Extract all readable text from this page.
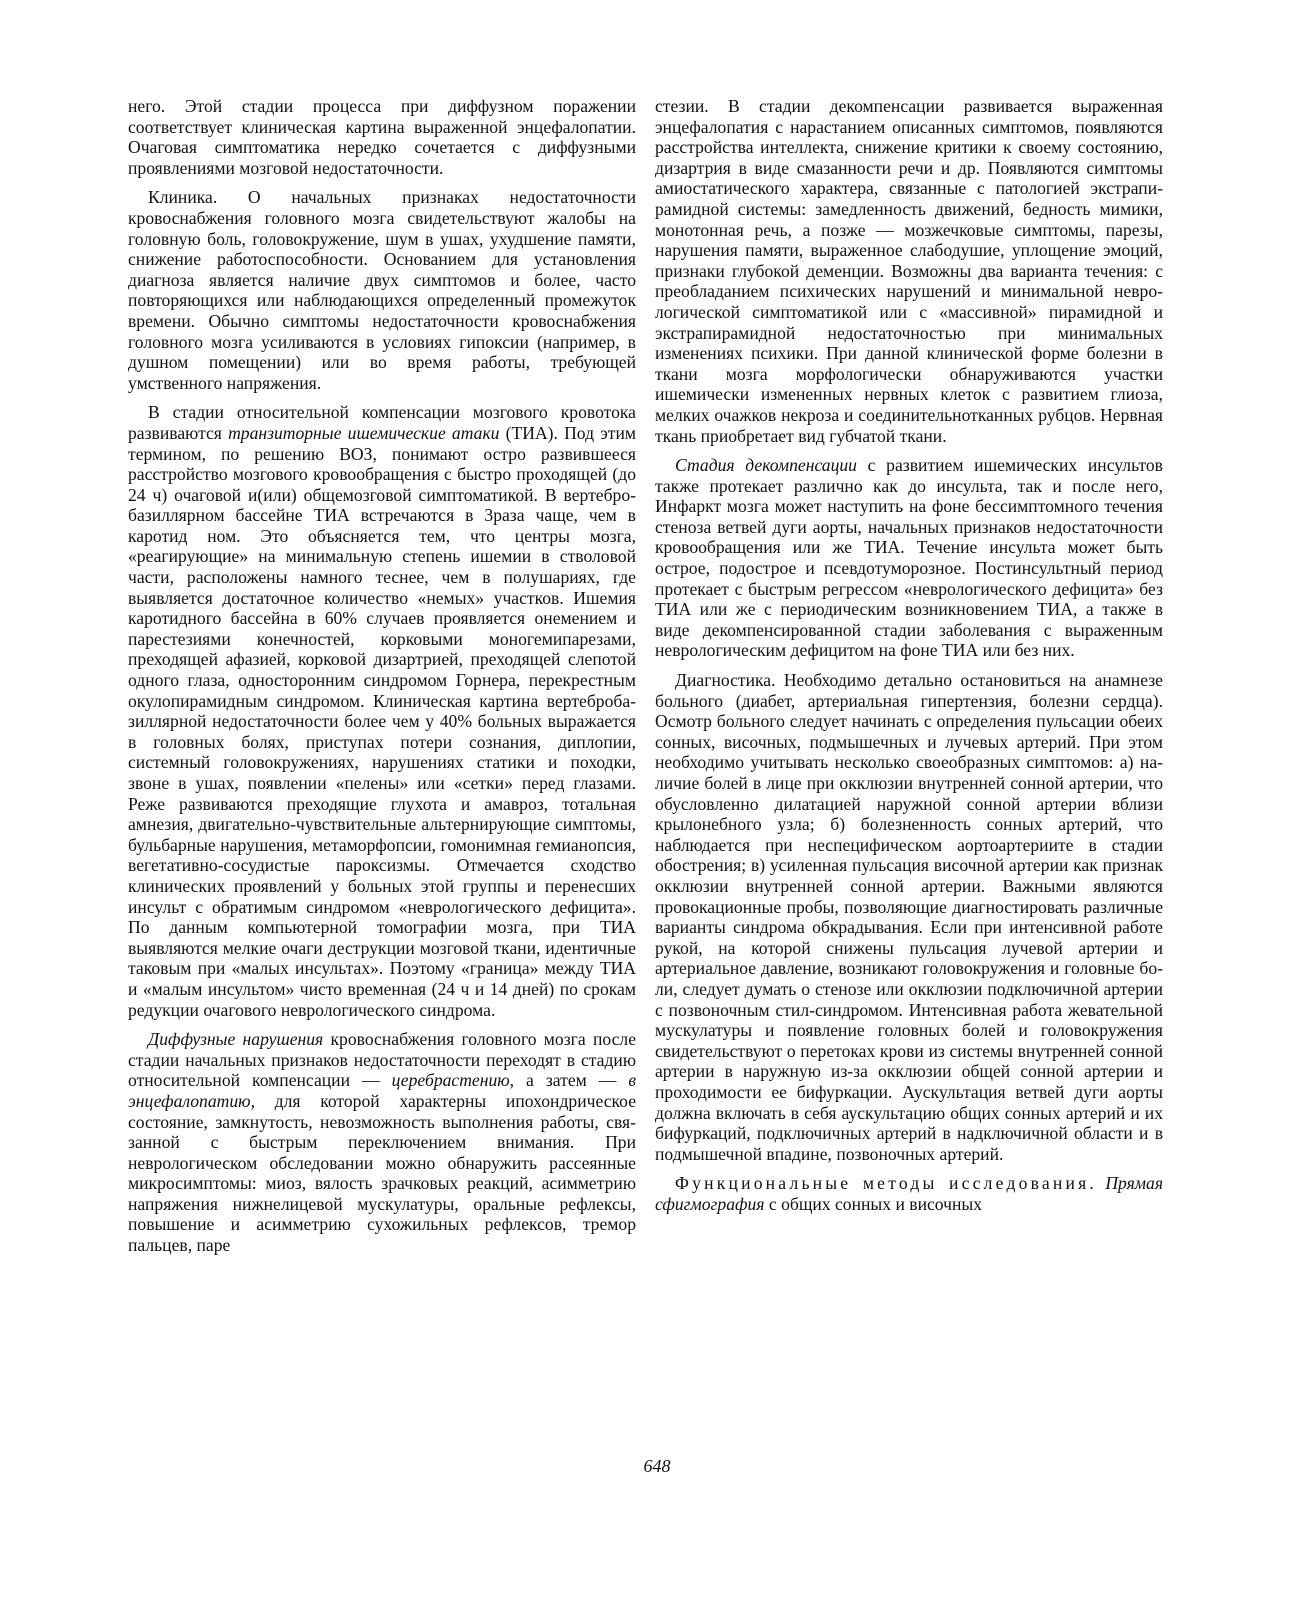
него. Этой стадии процесса при диффузном поражении соответствует клиническая картина выраженной энцефалопатии. Очаговая симптоматика нередко сочетается с диффузными проявлениями мозговой недостаточности.

Клиника. О начальных признаках недостаточности кровоснабжения головного мозга свидетельствуют жалобы на головную боль, головокружение, шум в ушах, ухудшение памяти, снижение работоспособности. Основанием для установления диагноза является наличие двух симптомов и более, часто повторяющихся или наблюдающихся определенный промежуток времени. Обычно симптомы недостаточности кровоснабжения головного мозга усиливаются в условиях гипоксии (например, в душном помещении) или во время работы, требующей умственного напряжения.

В стадии относительной компенсации мозгового кровотока развиваются транзиторные ишемические атаки (ТИА). Под этим термином, по решению ВОЗ, понимают остро развившееся расстройство мозгового кровообращения с быстро проходящей (до 24 ч) очаговой и(или) общемозговой симптоматикой. В вертебробазиллярном бассейне ТИА встречаются в 3раза чаще, чем в каротид ном. Это объясняется тем, что центры мозга, «реагирующие» на минимальную степень ишемии в стволовой части, расположены намного теснее, чем в полушариях, где выявляется достаточное количество «немых» участков. Ишемия каротидного бассейна в 60% случаев проявляется онемением и парестезиями конечностей, корковыми моногемипарезами, преходящей афазией, корковой дизартрией, преходящей слепотой одного глаза, односторонним синдромом Горнера, перекрестным окулопирамидным синдромом. Клиническая картина вертебробазиллярной недостаточности более чем у 40% больных выражается в головных болях, приступах потери сознания, диплопии, системный головокружениях, нарушениях статики и походки, звоне в ушах, появлении «пелены» или «сетки» перед глазами. Реже развиваются преходящие глухота и амавроз, тотальная амнезия, двигательно-чувствительные альтернирующие симптомы, бульбарные нарушения, метаморфопсии, гомонимная гемианопсия, вегетативно-сосудистые пароксизмы. Отмечается сходство клинических проявлений у больных этой группы и перенесших инсульт с обратимым синдромом «неврологического дефицита». По данным компьютерной томографии мозга, при ТИА выявляются мелкие очаги деструкции мозговой ткани, идентичные таковым при «малых инсультах». Поэтому «граница» между ТИА и «малым инсультом» чисто временная (24 ч и 14 дней) по срокам редукции очагового неврологического синдрома.

Диффузные нарушения кровоснабжения головного мозга после стадии начальных признаков недостаточности переходят в стадию относительной компенсации — церебрастению, а затем — в энцефалопатию, для которой характерны ипохондрическое состояние, замкнутость, невозможность выполнения работы, связанной с быстрым переключением внимания. При неврологическом обследовании можно обнаружить рассеянные микросимптомы: миоз, вялость зрачковых реакций, асимметрию напряжения нижнелицевой мускулатуры, оральные рефлексы, повышение и асимметрию сухожильных рефлексов, тремор пальцев, паре

стезии. В стадии декомпенсации развивается выраженная энцефалопатия с нарастанием описанных симптомов, появляются расстройства интеллекта, снижение критики к своему состоянию, дизартрия в виде смазанности речи и др. Появляются симптомы амиостатического характера, связанные с патологией экстрапирамидной системы: замедленность движений, бедность мимики, монотонная речь, а позже — мозжечковые симптомы, парезы, нарушения памяти, выраженное слабодушие, уплощение эмоций, признаки глубокой деменции. Возможны два варианта течения: с преобладанием психических нарушений и минимальной неврологической симптоматикой или с «массивной» пирамидной и экстрапирамидной недостаточностью при минимальных изменениях психики. При данной клинической форме болезни в ткани мозга морфологически обнаруживаются участки ишемически измененных нервных клеток с развитием глиоза, мелких очажков некроза и соединительнотканных рубцов. Нервная ткань приобретает вид губчатой ткани.

Стадия декомпенсации с развитием ишемических инсультов также протекает различно как до инсульта, так и после него, Инфаркт мозга может наступить на фоне бессимптомного течения стеноза ветвей дуги аорты, начальных признаков недостаточности кровообращения или же ТИА. Течение инсульта может быть острое, подострое и псевдотуморозное. Постинсультный период протекает с быстрым регрессом «неврологического дефицита» без ТИА или же с периодическим возникновением ТИА, а также в виде декомпенсированной стадии заболевания с выраженным неврологическим дефицитом на фоне ТИА или без них.

Диагностика. Необходимо детально остановиться на анамнезе больного (диабет, артериальная гипертензия, болезни сердца). Осмотр больного следует начинать с определения пульсации обеих сонных, височных, подмышечных и лучевых артерий. При этом необходимо учитывать несколько своеобразных симптомов: а) наличие болей в лице при окклюзии внутренней сонной артерии, что обусловленно дилатацией наружной сонной артерии вблизи крылонебного узла; б) болезненность сонных артерий, что наблюдается при неспецифическом аортоартериите в стадии обострения; в) усиленная пульсация височной артерии как признак окклюзии внутренней сонной артерии. Важными являются провокационные пробы, позволяющие диагностировать различные варианты синдрома обкрадывания. Если при интенсивной работе рукой, на которой снижены пульсация лучевой артерии и артериальное давление, возникают головокружения и головные боли, следует думать о стенозе или окклюзии подключичной артерии с позвоночным стил-синдромом. Интенсивная работа жевательной мускулатуры и появление головных болей и головокружения свидетельствуют о перетоках крови из системы внутренней сонной артерии в наружную из-за окклюзии общей сонной артерии и проходимости ее бифуркации. Аускультация ветвей дуги аорты должна включать в себя аускультацию общих сонных артерий и их бифуркаций, подключичных артерий в надключичной области и в подмышечной впадине, позвоночных артерий.

Функциональные методы исследования. Прямая сфигмография с общих сонных и височных

648
